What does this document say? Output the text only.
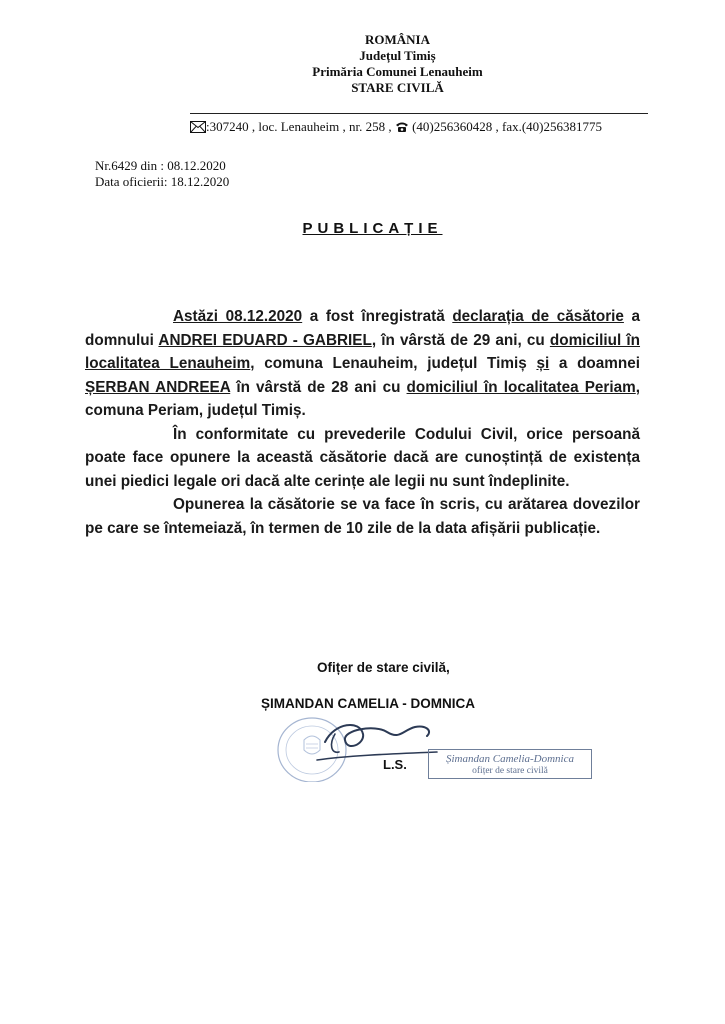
ROMÂNIA
Județul Timiș
Primăria Comunei Lenauheim
STARE CIVILĂ
:307240 , loc. Lenauheim , nr. 258 ,  (40)256360428 , fax.(40)256381775
Nr.6429 din : 08.12.2020
Data oficierii: 18.12.2020
PUBLICAȚIE

Astăzi 08.12.2020 a fost înregistrată declarația de căsătorie a domnului ANDREI EDUARD - GABRIEL, în vârstă de 29 ani, cu domiciliul în localitatea Lenauheim, comuna Lenauheim, județul Timiș și a doamnei ȘERBAN ANDREEA în vârstă de 28 ani cu domiciliul în localitatea Periam, comuna Periam, județul Timiș.

În conformitate cu prevederile Codului Civil, orice persoană poate face opunere la această căsătorie dacă are cunoștință de existența unei piedici legale ori dacă alte cerințe ale legii nu sunt îndeplinite.

Opunerea la căsătorie se va face în scris, cu arătarea dovezilor pe care se întemeiază, în termen de 10 zile de la data afișării publicație.

Ofițer de stare civilă,
ȘIMANDAN CAMELIA - DOMNICA
L.S.	Șimandan Camelia-Domnica
ofițer de stare civilă
